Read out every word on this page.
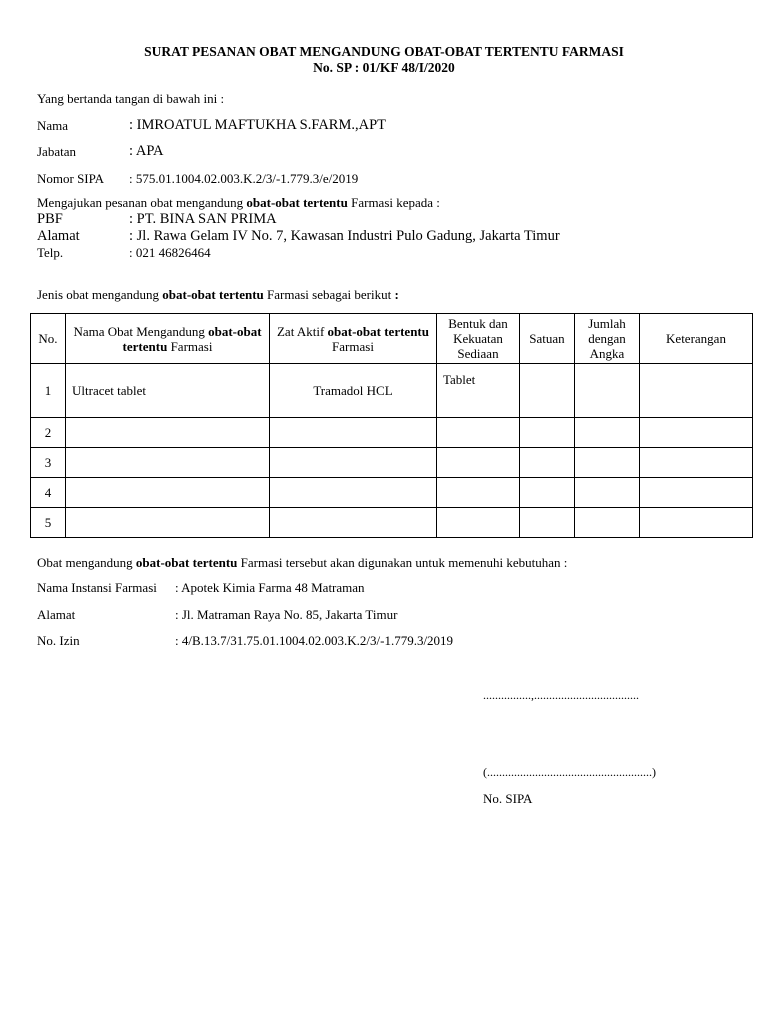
SURAT PESANAN OBAT MENGANDUNG OBAT-OBAT TERTENTU FARMASI
No. SP : 01/KF 48/I/2020
Yang bertanda tangan di bawah ini :
Nama	: IMROATUL MAFTUKHA S.FARM.,APT
Jabatan	: APA
Nomor SIPA : 575.01.1004.02.003.K.2/3/-1.779.3/e/2019
Mengajukan pesanan obat mengandung obat-obat tertentu Farmasi kepada :
PBF	: PT. BINA SAN PRIMA
Alamat	: Jl. Rawa Gelam IV No. 7, Kawasan Industri Pulo Gadung, Jakarta Timur
Telp.	: 021 46826464
Jenis obat mengandung obat-obat tertentu Farmasi sebagai berikut :
No.	Nama Obat Mengandung obat-obat tertentu Farmasi	Zat Aktif obat-obat tertentu Farmasi	Bentuk dan
Kekuatan
Sediaan	Satuan	Jumlah
dengan
Angka	Keterangan
1	Ultracet tablet	Tramadol HCL	Tablet			
2						
3						
4						
5						
Obat mengandung obat-obat tertentu Farmasi tersebut akan digunakan untuk memenuhi kebutuhan :
Nama Instansi Farmasi : Apotek Kimia Farma 48 Matraman
Alamat	: Jl. Matraman Raya No. 85, Jakarta Timur
No. Izin	: 4/B.13.7/31.75.01.1004.02.003.K.2/3/-1.779.3/2019
................,...................................
(.......................................................)
No. SIPA
